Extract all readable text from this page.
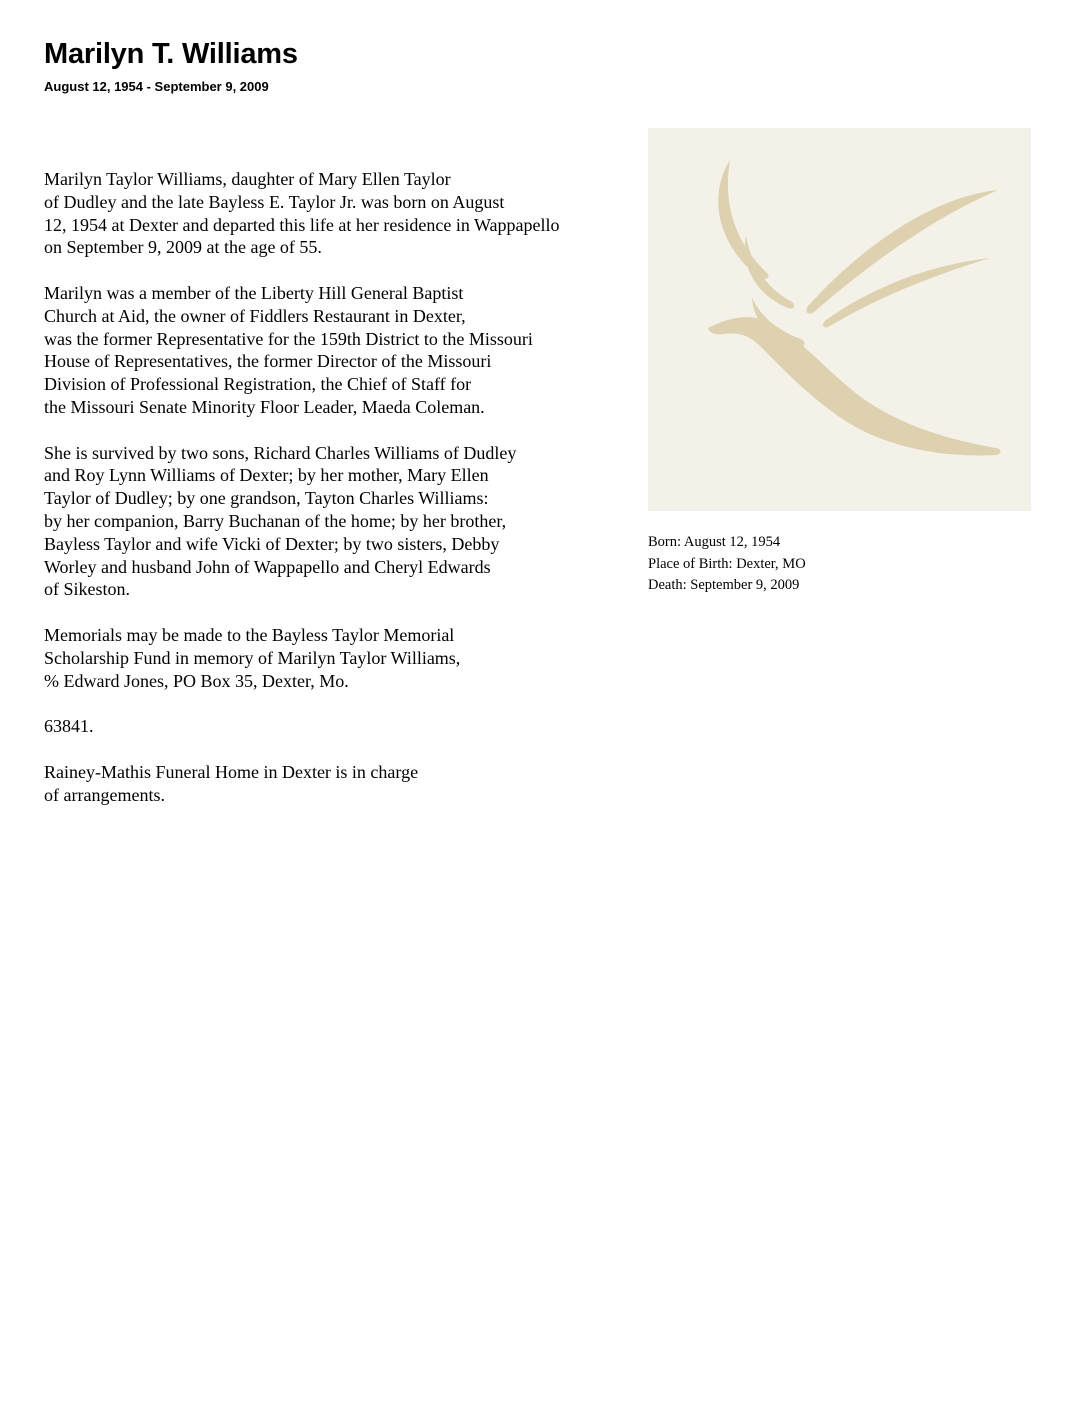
Marilyn T. Williams
August 12, 1954 - September 9, 2009

Marilyn Taylor Williams, daughter of Mary Ellen Taylor
of Dudley and the late Bayless E. Taylor Jr. was born on August
12, 1954 at Dexter and departed this life at her residence in Wappapello
on September 9, 2009 at the age of 55.

Marilyn was a member of the Liberty Hill General Baptist
Church at Aid, the owner of Fiddlers Restaurant in Dexter,
was the former Representative for the 159th District to the Missouri
House of Representatives, the former Director of the Missouri
Division of Professional Registration, the Chief of Staff for
the Missouri Senate Minority Floor Leader, Maeda Coleman.

She is survived by two sons, Richard Charles Williams of Dudley
and Roy Lynn Williams of Dexter; by her mother, Mary Ellen
Taylor of Dudley; by one grandson, Tayton Charles Williams:
by her companion, Barry Buchanan of the home; by her brother,
Bayless Taylor and wife Vicki of Dexter; by two sisters, Debby
Worley and husband John of Wappapello and Cheryl Edwards
of Sikeston.

Memorials may be made to the Bayless Taylor Memorial
Scholarship Fund in memory of Marilyn Taylor Williams,
% Edward Jones, PO Box 35, Dexter, Mo.

63841.

Rainey-Mathis Funeral Home in Dexter is in charge
of arrangements.

Born: August 12, 1954
Place of Birth: Dexter, MO
Death: September 9, 2009
